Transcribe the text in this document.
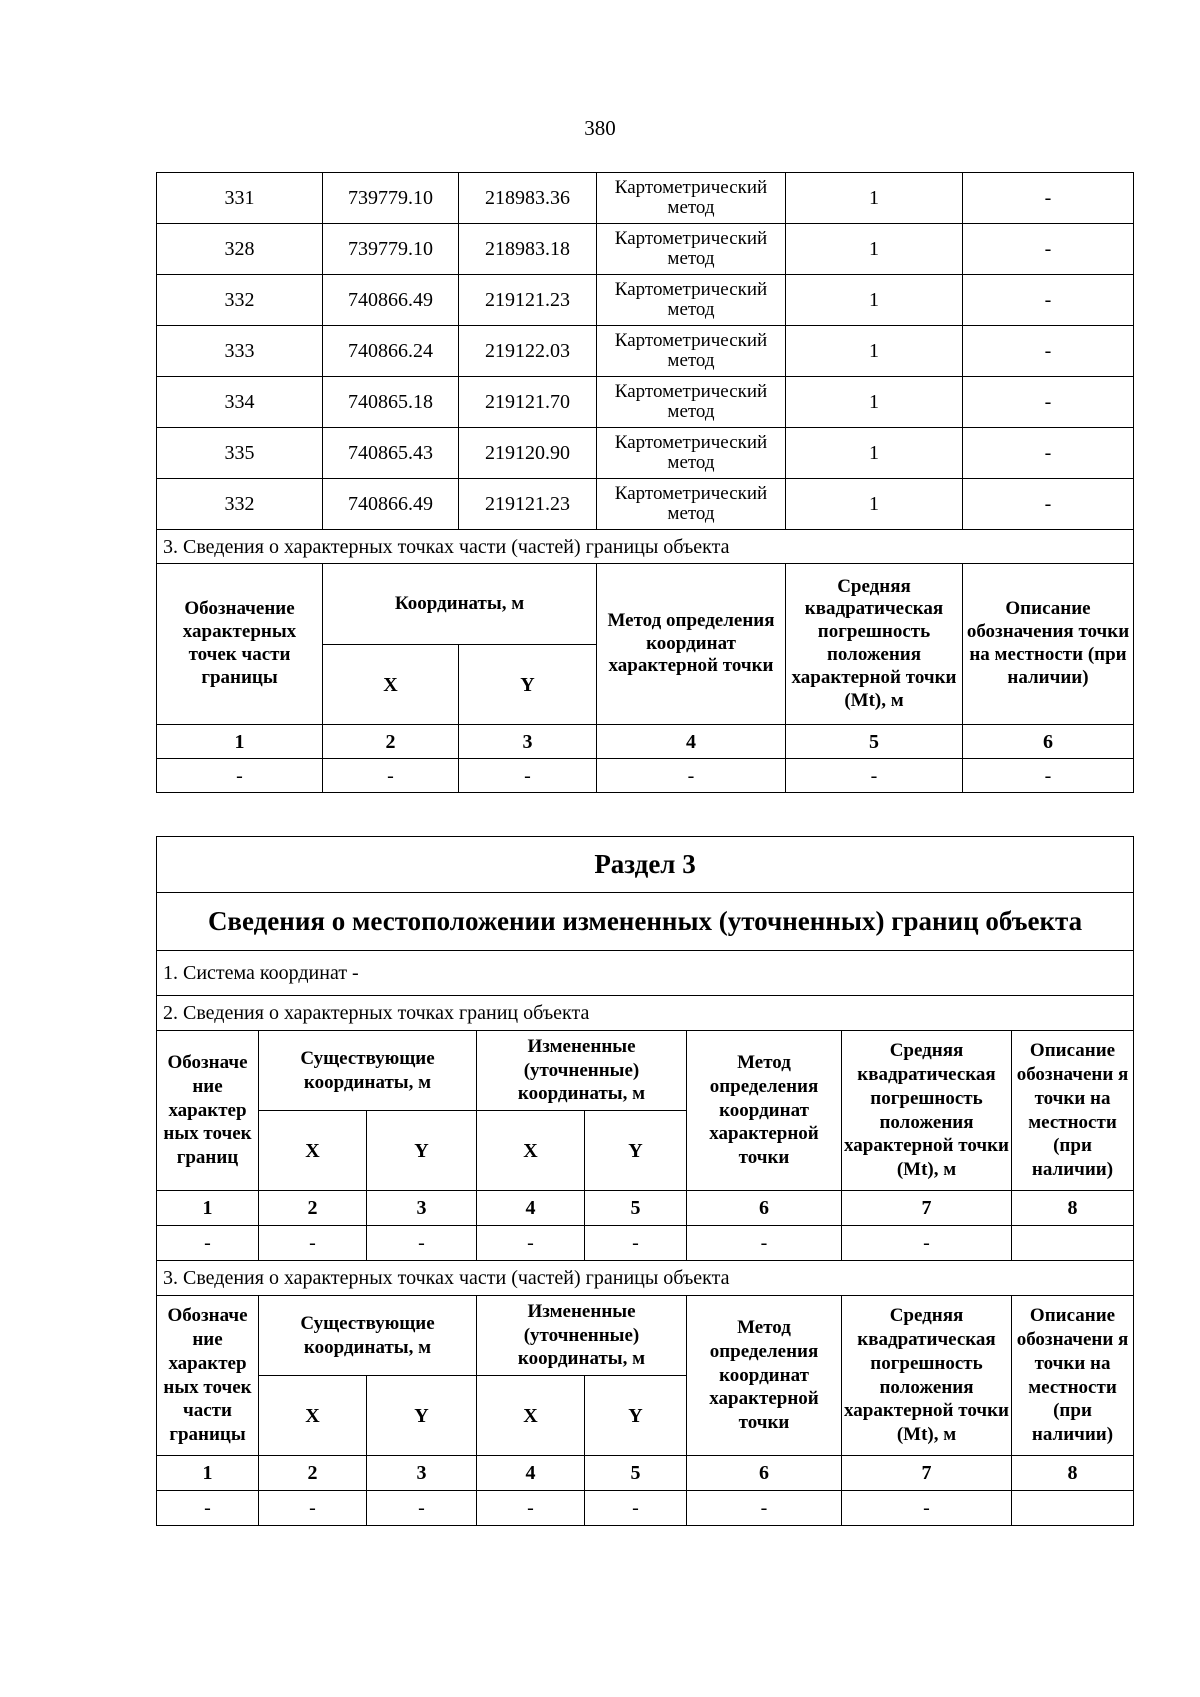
380
331	739779.10	218983.36	Картометрический метод	1	-
328	739779.10	218983.18	Картометрический метод	1	-
332	740866.49	219121.23	Картометрический метод	1	-
333	740866.24	219122.03	Картометрический метод	1	-
334	740865.18	219121.70	Картометрический метод	1	-
335	740865.43	219120.90	Картометрический метод	1	-
332	740866.49	219121.23	Картометрический метод	1	-
3. Сведения о характерных точках части (частей) границы объекта					
Обозначение характерных точек части границы	Координаты, м		Метод определения координат характерной точки	Средняя квадратическая погрешность положения характерной точки (Mt), м	Описание обозначения точки на местности (при наличии)
	X	Y			
1	2	3	4	5	6
-	-	-	-	-	-
Раздел 3							
Сведения о местоположении измененных (уточненных) границ объекта							
1. Система координат -							
2. Сведения о характерных точках границ объекта							
Обозначе ние характер ных точек границ	Существующие координаты, м		Измененные (уточненные) координаты, м		Метод определения координат характерной точки	Средняя квадратическая погрешность положения характерной точки (Mt), м	Описание обозначени я точки на местности (при наличии)
	X	Y	X	Y			
1	2	3	4	5	6	7	8
-	-	-	-	-	-	-	
3. Сведения о характерных точках части (частей) границы объекта							
Обозначе ние характер ных точек части границы	Существующие координаты, м		Измененные (уточненные) координаты, м		Метод определения координат характерной точки	Средняя квадратическая погрешность положения характерной точки (Mt), м	Описание обозначени я точки на местности (при наличии)
	X	Y	X	Y			
1	2	3	4	5	6	7	8
-	-	-	-	-	-	-	
